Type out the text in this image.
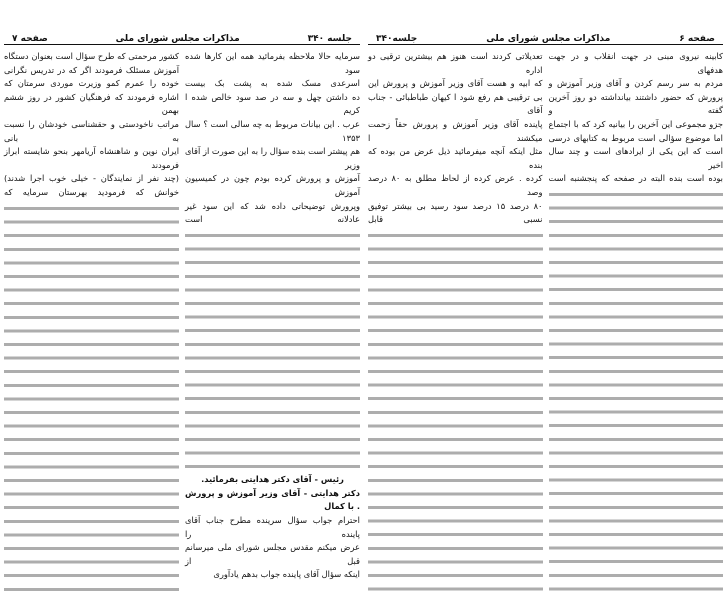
جلسه ۳۴۰
مذاکرات مجلس شورای ملی
صفحه ۷
سرمایه حالا ملاحظه بفرمائید همه این کارها شده سود
اسرعدی مسک شده به پشت بک بیست
ده داشتن چهل و سه در صد سود خالص شده ا کریم
عرب . این بیانات مربوط به چه سالی است ؟ سال ۱۳۵۳
هم پیشتر است بنده سؤال را به این صورت از آقای وزیر
آموزش و پرورش کرده بودم چون در کمیسیون آموزش
وپرورش توضیحاتی داده شد که این سود غیر عادلانه است
رئیس - آقای دکتر هدایتی بفرمائید.
دکتر هدایتی - آقای وزیر آموزش و پرورش . با کمال
احترام جواب سؤال سرینده مطرح جناب آقای پاینده را
عرض میکنم مقدس مجلس شورای ملی میرسانم قبل از
اینکه سؤال آقای پاینده جواب بدهم یادآوری
کشور مرحمتی که طرح سؤال است بعنوان دستگاه
آموزش مسئلک فرمودند اگر که در تدریس نگرانی
خوده را عمرم کمو وزیرت موردی سرمتان که
اشاره فرمودند که فرهنگیان کشور در روز ششم بهمن
مراتب ناخودستی و حقشناسی خودشان را نسبت به بانی
ایران نوین و شاهنشاه آریامهر بنحو شایسته ابراز فرمودند
(چند نفر از نمایندگان - خیلی خوب اجرا شدند)
خوانش که فرمودید بهرستان سرمایه که
صفحه ۶
مذاکرات مجلس شورای ملی
جلسه۳۴۰
کابینه نیروی مبنی در جهت انقلاب و در جهت هدفهای
مردم به سر رسم کردن و آقای وزیر آموزش و
پرورش که حضور داشتند بیانداشته دو روز آخرین گفته و
جزو مجموعی این آخرین را بیانیه کرد که با اجتماع
اما موضوع سؤالی است مربوط به کتابهای درسی
است که این یکی از ایرادهای است و چند سال اخیر
بوده است بنده البته در صفحه که پنجشنبه است
تعدیلاتی کردند است هنوز هم بیشترین ترقیی دو اداره
که ابیه و هست آقای وزیر آموزش و پرورش این
بی ترقیبی هم رفع شود ا کیهان طباطبائی - جناب آقای
پاینده آقای وزیر آموزش و پرورش حقاً زحمت میکشند ا
مثل اینکه آنچه میفرمائید ذیل عرض من بوده که بنده
کرده . عرض کرده از لحاظ مطلق به ۸۰ درصد وصد
۸۰ درصد ۱۵ درصد سود رسید بی بیشتر توفیق نسبی قابل
